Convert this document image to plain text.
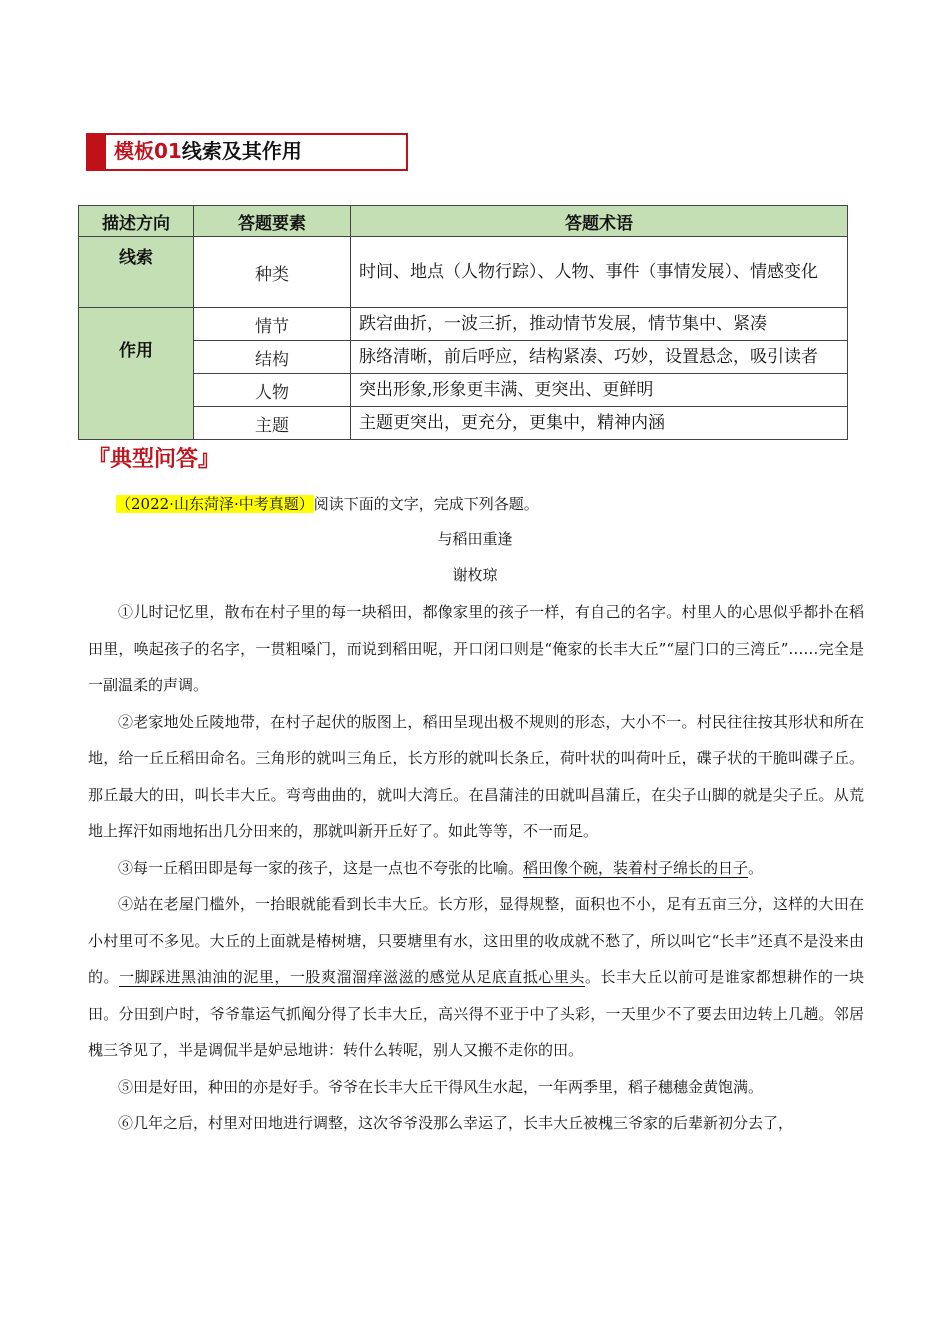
模板01线索及其作用
描述方向	答题要素	答题术语
线索	种类	时间、地点（人物行踪）、人物、事件（事情发展）、情感变化
作用	情节	跌宕曲折，一波三折，推动情节发展，情节集中、紧凑
	结构	脉络清晰，前后呼应，结构紧凑、巧妙，设置悬念，吸引读者
	人物	突出形象,形象更丰满、更突出、更鲜明
	主题	主题更突出，更充分，更集中，精神内涵
『典型问答』
（2022·山东菏泽·中考真题）阅读下面的文字，完成下列各题。
与稻田重逢
谢枚琼

①儿时记忆里，散布在村子里的每一块稻田，都像家里的孩子一样，有自己的名字。村里人的心思似乎都扑在稻田里，唤起孩子的名字，一贯粗嗓门，而说到稻田呢，开口闭口则是“俺家的长丰大丘”“屋门口的三湾丘”……完全是一副温柔的声调。

②老家地处丘陵地带，在村子起伏的版图上，稻田呈现出极不规则的形态，大小不一。村民往往按其形状和所在地，给一丘丘稻田命名。三角形的就叫三角丘，长方形的就叫长条丘，荷叶状的叫荷叶丘，碟子状的干脆叫碟子丘。那丘最大的田，叫长丰大丘。弯弯曲曲的，就叫大湾丘。在昌蒲洼的田就叫昌蒲丘，在尖子山脚的就是尖子丘。从荒地上挥汗如雨地拓出几分田来的，那就叫新开丘好了。如此等等，不一而足。

③每一丘稻田即是每一家的孩子，这是一点也不夸张的比喻。稻田像个碗，装着村子绵长的日子。

④站在老屋门槛外，一抬眼就能看到长丰大丘。长方形，显得规整，面积也不小，足有五亩三分，这样的大田在小村里可不多见。大丘的上面就是椿树塘，只要塘里有水，这田里的收成就不愁了，所以叫它“长丰”还真不是没来由的。一脚踩进黑油油的泥里，一股爽溜溜痒滋滋的感觉从足底直抵心里头。长丰大丘以前可是谁家都想耕作的一块田。分田到户时，爷爷靠运气抓阄分得了长丰大丘，高兴得不亚于中了头彩，一天里少不了要去田边转上几趟。邻居槐三爷见了，半是调侃半是妒忌地讲：转什么转呢，别人又搬不走你的田。

⑤田是好田，种田的亦是好手。爷爷在长丰大丘干得风生水起，一年两季里，稻子穗穗金黄饱满。

⑥几年之后，村里对田地进行调整，这次爷爷没那么幸运了，长丰大丘被槐三爷家的后辈新初分去了，
